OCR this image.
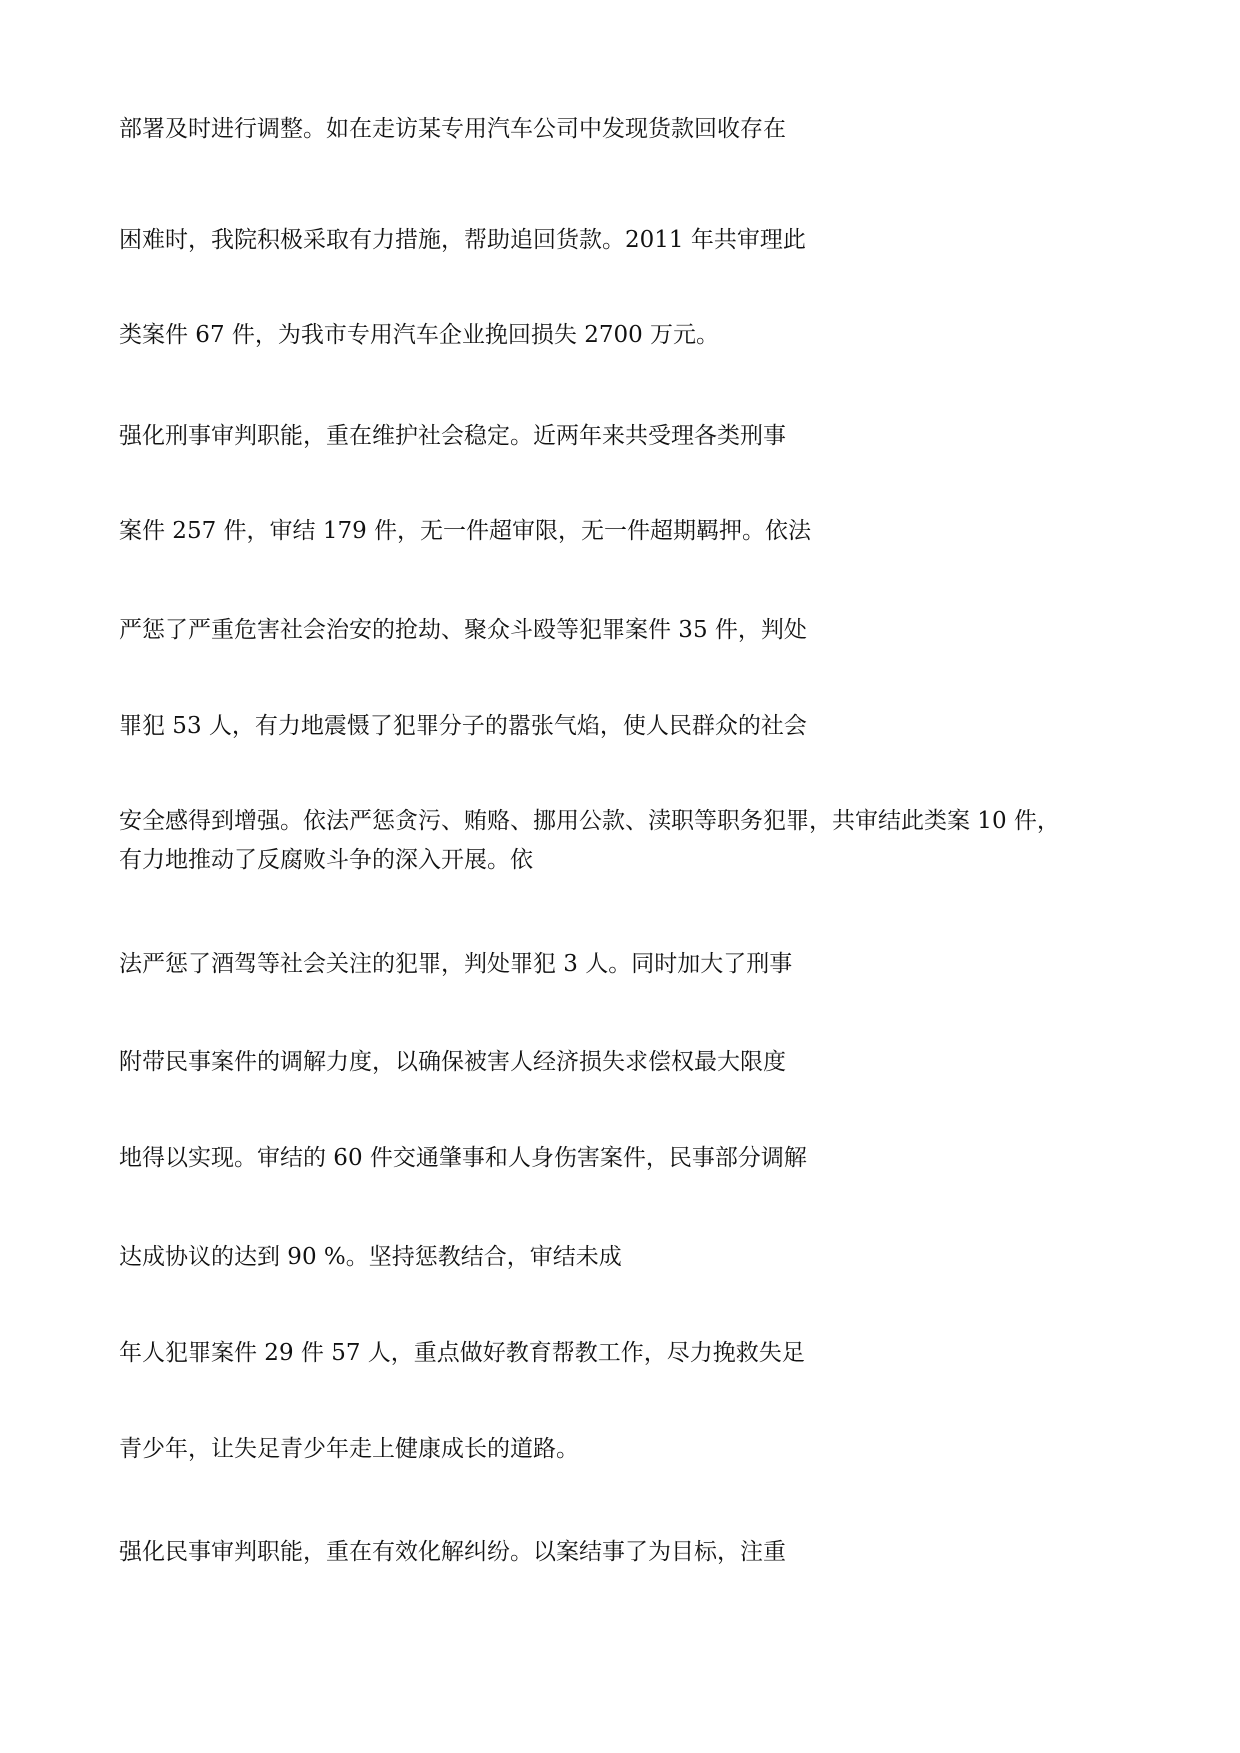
部署及时进行调整。如在走访某专用汽车公司中发现货款回收存在

困难时，我院积极采取有力措施，帮助追回货款。2011 年共审理此

类案件 67 件，为我市专用汽车企业挽回损失 2700 万元。

强化刑事审判职能，重在维护社会稳定。近两年来共受理各类刑事

案件 257 件，审结 179 件，无一件超审限，无一件超期羁押。依法

严惩了严重危害社会治安的抢劫、聚众斗殴等犯罪案件 35 件，判处

罪犯 53 人，有力地震慑了犯罪分子的嚣张气焰，使人民群众的社会

安全感得到增强。依法严惩贪污、贿赂、挪用公款、渎职等职务犯罪，共审结此类案 10 件，

有力地推动了反腐败斗争的深入开展。依

法严惩了酒驾等社会关注的犯罪，判处罪犯 3 人。同时加大了刑事

附带民事案件的调解力度，以确保被害人经济损失求偿权最大限度

地得以实现。审结的 60 件交通肇事和人身伤害案件，民事部分调解

达成协议的达到 90 %。坚持惩教结合，审结未成

年人犯罪案件 29 件 57 人，重点做好教育帮教工作，尽力挽救失足

青少年，让失足青少年走上健康成长的道路。

强化民事审判职能，重在有效化解纠纷。以案结事了为目标，注重
